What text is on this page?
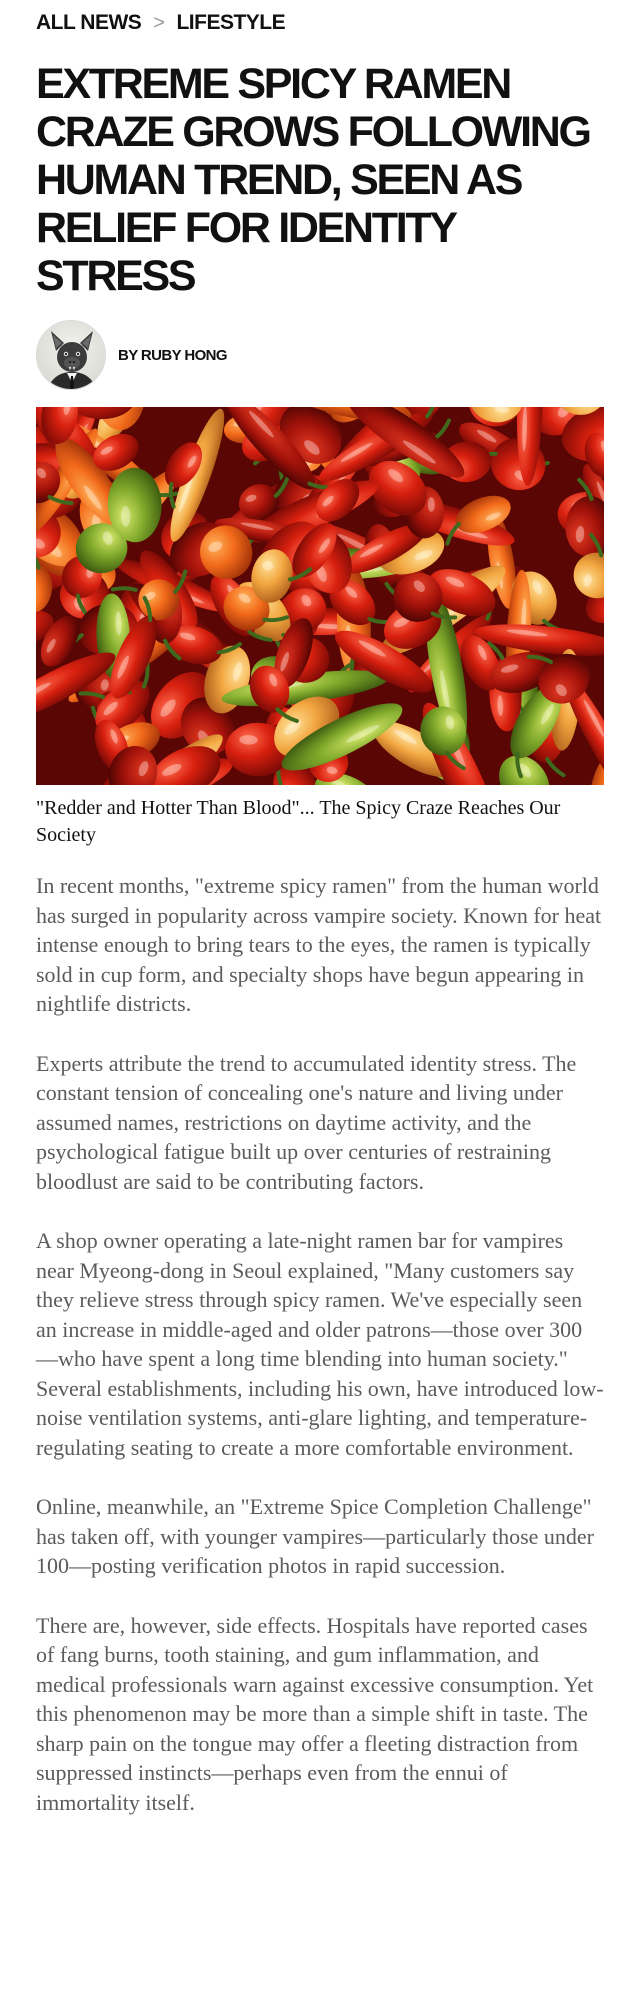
ALL NEWS > LIFESTYLE
EXTREME SPICY RAMEN CRAZE GROWS FOLLOWING HUMAN TREND, SEEN AS RELIEF FOR IDENTITY STRESS
BY RUBY HONG

"Redder and Hotter Than Blood"... The Spicy Craze Reaches Our Society

In recent months, "extreme spicy ramen" from the human world has surged in popularity across vampire society. Known for heat intense enough to bring tears to the eyes, the ramen is typically sold in cup form, and specialty shops have begun appearing in nightlife districts.

Experts attribute the trend to accumulated identity stress. The constant tension of concealing one's nature and living under assumed names, restrictions on daytime activity, and the psychological fatigue built up over centuries of restraining bloodlust are said to be contributing factors.

A shop owner operating a late-night ramen bar for vampires near Myeong-dong in Seoul explained, "Many customers say they relieve stress through spicy ramen. We've especially seen an increase in middle-aged and older patrons—those over 300—who have spent a long time blending into human society." Several establishments, including his own, have introduced low-noise ventilation systems, anti-glare lighting, and temperature-regulating seating to create a more comfortable environment.

Online, meanwhile, an "Extreme Spice Completion Challenge" has taken off, with younger vampires—particularly those under 100—posting verification photos in rapid succession.

There are, however, side effects. Hospitals have reported cases of fang burns, tooth staining, and gum inflammation, and medical professionals warn against excessive consumption. Yet this phenomenon may be more than a simple shift in taste. The sharp pain on the tongue may offer a fleeting distraction from suppressed instincts—perhaps even from the ennui of immortality itself.
